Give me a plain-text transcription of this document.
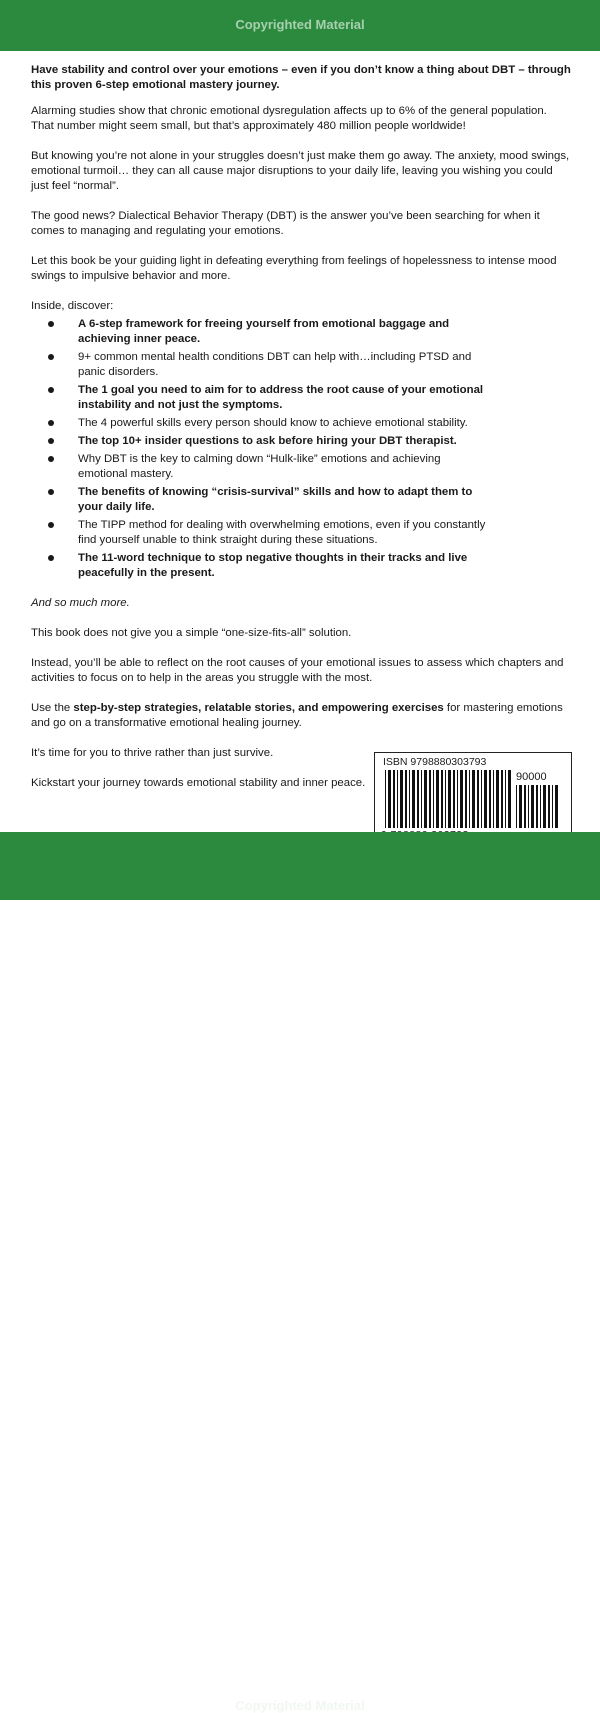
Copyrighted Material

Have stability and control over your emotions – even if you don’t know a thing about DBT – through this proven 6-step emotional mastery journey.

Alarming studies show that chronic emotional dysregulation affects up to 6% of the general population. That number might seem small, but that’s approximately 480 million people worldwide!

But knowing you’re not alone in your struggles doesn’t just make them go away. The anxiety, mood swings, emotional turmoil… they can all cause major disruptions to your daily life, leaving you wishing you could just feel “normal”.

The good news? Dialectical Behavior Therapy (DBT) is the answer you’ve been searching for when it comes to managing and regulating your emotions.

Let this book be your guiding light in defeating everything from feelings of hopelessness to intense mood swings to impulsive behavior and more.

Inside, discover:

A 6-step framework for freeing yourself from emotional baggage and achieving inner peace.
9+ common mental health conditions DBT can help with…including PTSD and panic disorders.
The 1 goal you need to aim for to address the root cause of your emotional instability and not just the symptoms.
The 4 powerful skills every person should know to achieve emotional stability.
The top 10+ insider questions to ask before hiring your DBT therapist.
Why DBT is the key to calming down “Hulk-like” emotions and achieving emotional mastery.
The benefits of knowing “crisis-survival” skills and how to adapt them to your daily life.
The TIPP method for dealing with overwhelming emotions, even if you constantly find yourself unable to think straight during these situations.
The 11-word technique to stop negative thoughts in their tracks and live peacefully in the present.

And so much more.

This book does not give you a simple “one-size-fits-all” solution.

Instead, you’ll be able to reflect on the root causes of your emotional issues to assess which chapters and activities to focus on to help in the areas you struggle with the most.

Use the step-by-step strategies, relatable stories, and empowering exercises for mastering emotions and go on a transformative emotional healing journey.

It’s time for you to thrive rather than just survive.

Kickstart your journey towards emotional stability and inner peace.

ISBN 9798880303793
90000
Copyrighted Material
